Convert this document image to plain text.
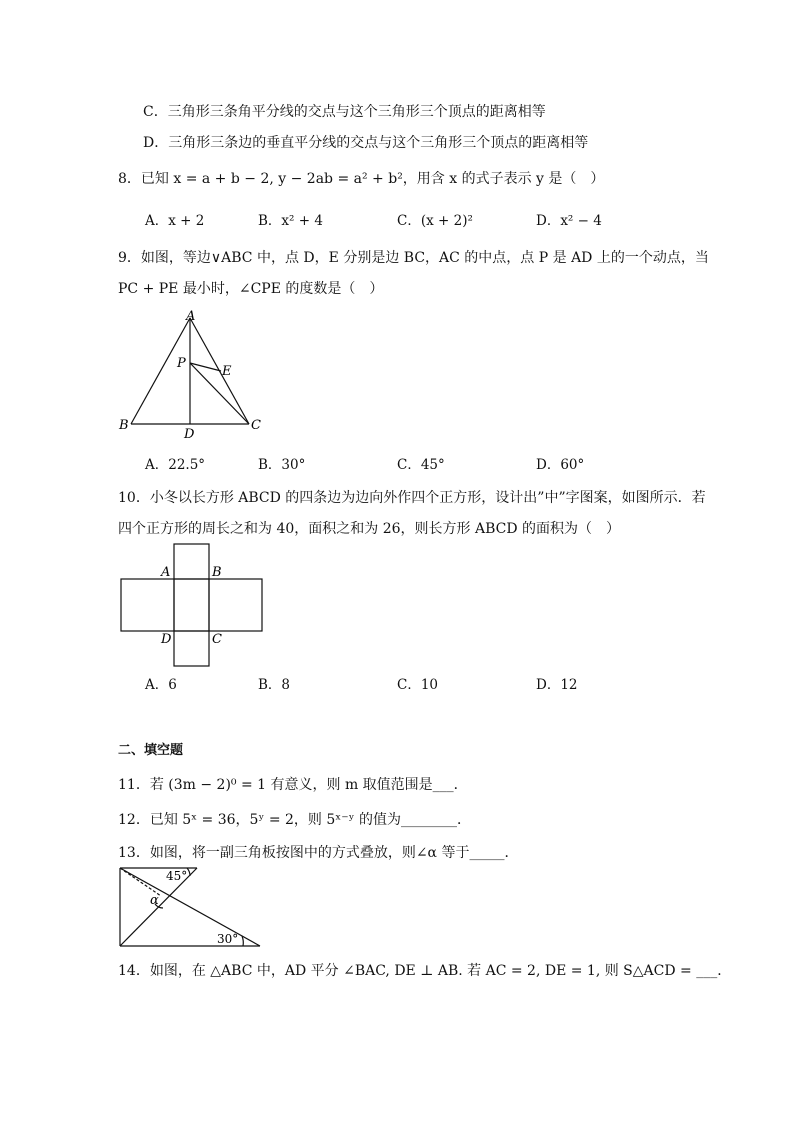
C．三角形三条角平分线的交点与这个三角形三个顶点的距离相等
D．三角形三条边的垂直平分线的交点与这个三角形三个顶点的距离相等
8．已知 x = a + b − 2, y − 2ab = a² + b²，用含 x 的式子表示 y 是（　）
A．x + 2	B．x² + 4	C．(x + 2)²	D．x² − 4
9．如图，等边∨ABC 中，点 D，E 分别是边 BC，AC 的中点，点 P 是 AD 上的一个动点，当
PC + PE 最小时，∠CPE 的度数是（　）
A
P
E
B
D
C
A．22.5°	B．30°	C．45°	D．60°
10．小冬以长方形 ABCD 的四条边为边向外作四个正方形，设计出”中”字图案，如图所示．若
四个正方形的周长之和为 40，面积之和为 26，则长方形 ABCD 的面积为（　）
A	B
D	C
A．6	B．8	C．10	D．12
二、填空题
11．若 (3m − 2)⁰ = 1 有意义，则 m 取值范围是___．
12．已知 5ˣ = 36，5ʸ = 2，则 5ˣ⁻ʸ 的值为________．
13．如图，将一副三角板按图中的方式叠放，则∠α 等于_____．
45°
α
30°
14．如图，在 △ABC 中，AD 平分 ∠BAC, DE ⊥ AB. 若 AC = 2, DE = 1, 则 S△ACD = ___．
